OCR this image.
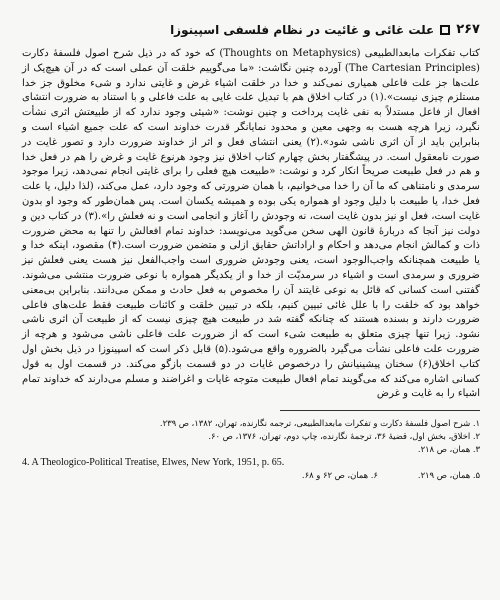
۲۶۷
علت غائی و غائیت در نظام فلسفی اسپینوزا

کتاب تفکرات مابعدالطبیعی (Thoughts on Metaphysics) که خود که در ذیل شرح اصول فلسفهٔ دکارت (The Cartesian Principles) آورده چنین نگاشت: «ما می‌گوییم خلقت آن عملی است که در آن هیچ‌یک از علت‌ها جز علت فاعلی همیاری نمی‌کند و خدا در خلقت اشیاء غرض و غایتی ندارد و شیء مخلوق جز خدا مستلزم چیزی نیست».(۱) در کتاب اخلاق هم با تبدیل علت غایی به علت فاعلی و با استناد به ضرورت انتشای افعال از فاعل مستدلاً به نفی غایت پرداخت و چنین نوشت: «شیئی وجود ندارد که از طبیعتش اثری نشأت نگیرد، زیرا هرچه هست به وجهی معین و محدود نمایانگر قدرت خداوند است که علت جمیع اشیاء است و بنابراین باید از آن اثری ناشی شود».(۲) یعنی انتشای فعل و اثر از خداوند ضرورت دارد و تصور غایت در صورت نامعقول است. در پیشگفتار بخش چهارم کتاب اخلاق نیز وجود هرنوع غایت و غرض را هم در فعل خدا و هم در فعل طبیعت صریحاً انکار کرد و نوشت: «طبیعت هیچ فعلی را برای غایتی انجام نمی‌دهد، زیرا موجود سرمدی و نامتناهی که ما آن را خدا می‌خوانیم، با همان ضرورتی که وجود دارد، عمل می‌کند، (لذا دلیل، یا علت فعل خدا، یا طبیعت با دلیل وجود او همواره یکی بوده و همیشه یکسان است. پس همان‌طور که وجود او بدون غایت است، فعل او نیز بدون غایت است، نه وجودش را آغاز و انجامی است و نه فعلش را».(۳) در کتاب دین و دولت نیز آنجا که دربارهٔ قانون الهی سخن می‌گوید می‌نویسد: خداوند تمام افعالش را تنها به محض ضرورت ذات و کمالش انجام می‌دهد و احکام و اراداتش حقایق ازلی و متضمن ضرورت است.(۴) مقصود، اینکه خدا و یا طبیعت همچنانکه واجب‌الوجود است، یعنی وجودش ضروری است واجب‌الفعل نیز هست یعنی فعلش نیز ضروری و سرمدی است و اشیاء در سرمدیّت از خدا و از یکدیگر همواره با نوعی ضرورت منتشی می‌شوند. گفتنی است کسانی که قائل به نوعی غایتند آن را مخصوص به فعل حادث و ممکن می‌دانند. بنابراین بی‌معنی خواهد بود که خلقت را با علل غائی تبیین کنیم، بلکه در تبیین خلقت و کائنات طبیعت فقط علت‌های فاعلی ضرورت دارند و بسنده هستند که چنانکه گفته شد در طبیعت هیچ چیزی نیست که از طبیعت آن اثری ناشی نشود. زیرا تنها چیزی متعلق به طبیعت شیء است که از ضرورت علت فاعلی ناشی می‌شود و هرچه از ضرورت علت فاعلی نشأت می‌گیرد بالضروره واقع می‌شود.(۵) قابل ذکر است که اسپینوزا در ذیل بخش اول کتاب اخلاق(۶) سخنان پیشینیانش را درخصوص غایات در دو قسمت بازگو می‌کند. در قسمت اول به قول کسانی اشاره می‌کند که می‌گویند تمام افعال طبیعت متوجه غایات و اغراضند و مسلم می‌دارند که خداوند تمام اشیاء را به غایت و غرض

۱. شرح اصول فلسفهٔ دکارت و تفکرات مابعدالطبیعی، ترجمه نگارنده، تهران، ۱۳۸۲، ص ۲۳۹.
۲. اخلاق، بخش اول، قضیهٔ ۳۶، ترجمهٔ نگارنده، چاپ دوم، تهران، ۱۳۷۶، ص ۶۰.
۳. همان، ص ۲۱۸.
4. A Theologico-Political Treatise, Elwes, New York, 1951, p. 65.
۵. همان، ص ۲۱۹.
۶. همان، ص ۶۲ و ۶۸.
